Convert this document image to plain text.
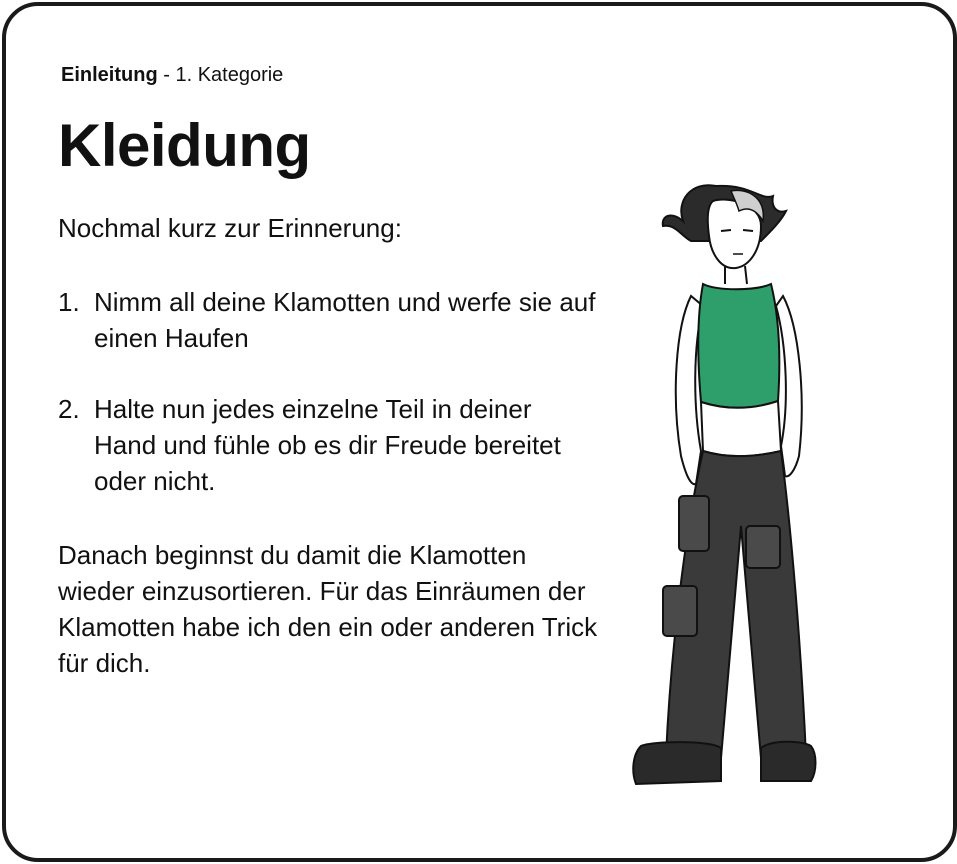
Einleitung - 1. Kategorie
Kleidung

Nochmal kurz zur Erinnerung:

1. Nimm all deine Klamotten und werfe sie auf einen Haufen
2. Halte nun jedes einzelne Teil in deiner Hand und fühle ob es dir Freude bereitet oder nicht.

Danach beginnst du damit die Klamotten wieder einzusortieren. Für das Einräumen der Klamotten habe ich den ein oder anderen Trick für dich.
